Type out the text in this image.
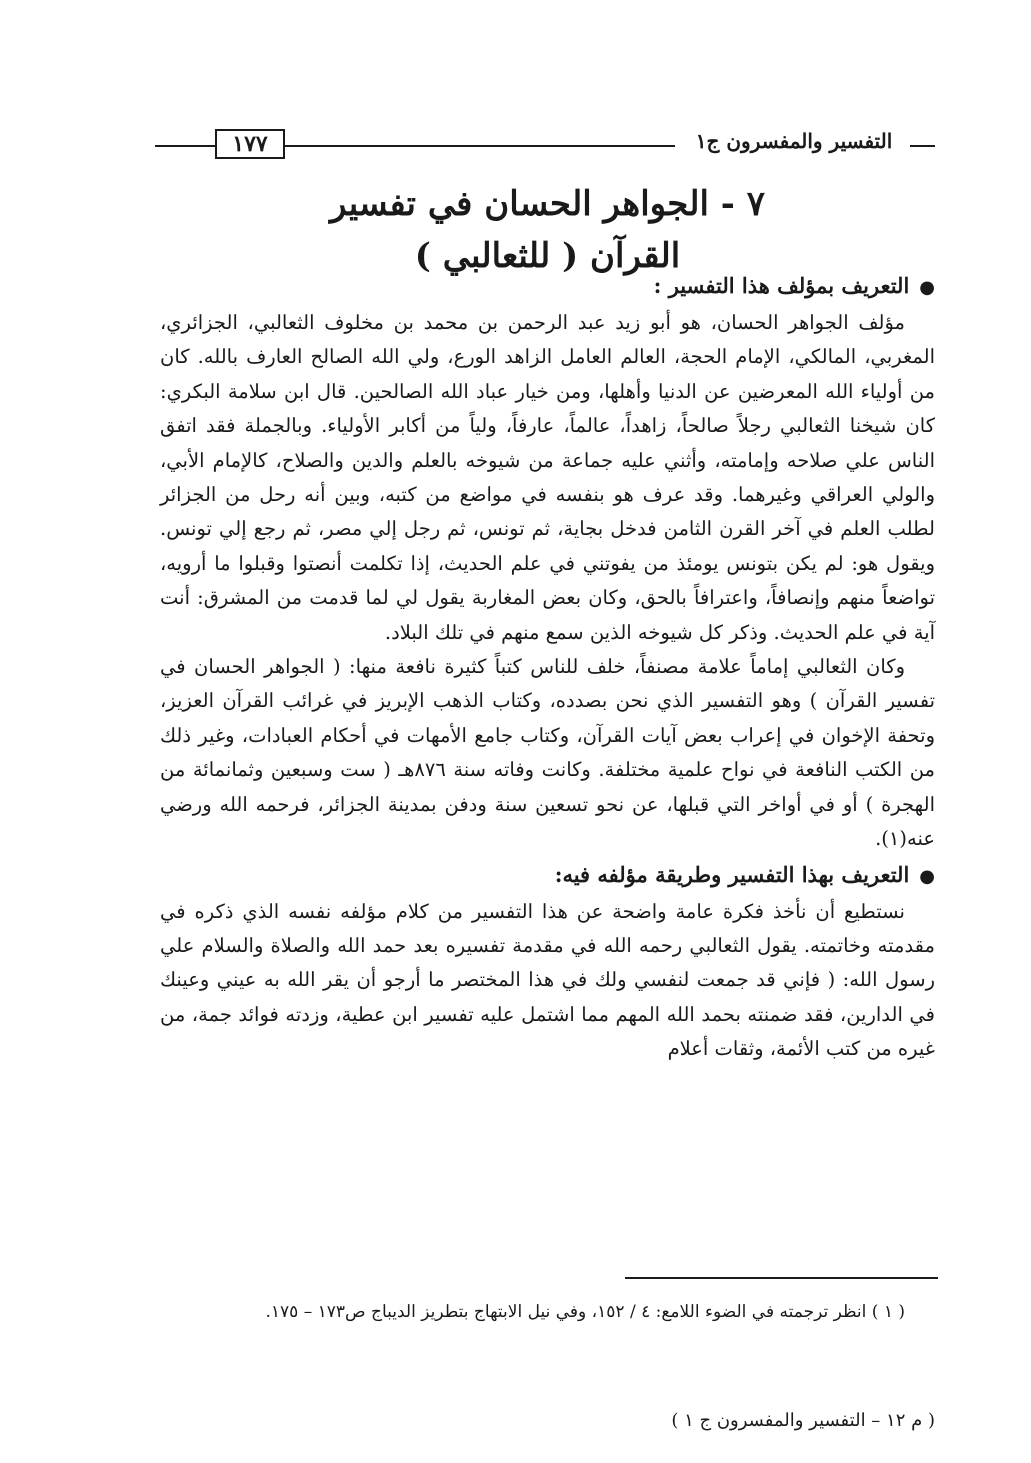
١٧٧	التفسير والمفسرون ج١
٧ - الجواهر الحسان في تفسير
القرآن ( للثعالبي )
●التعريف بمؤلف هذا التفسير :

مؤلف الجواهر الحسان، هو أبو زيد عبد الرحمن بن محمد بن مخلوف الثعالبي، الجزائري، المغربي، المالكي، الإمام الحجة، العالم العامل الزاهد الورع، ولي الله الصالح العارف بالله. كان من أولياء الله المعرضين عن الدنيا وأهلها، ومن خيار عباد الله الصالحين. قال ابن سلامة البكري: كان شيخنا الثعالبي رجلاً صالحاً، زاهداً، عالماً، عارفاً، ولياً من أكابر الأولياء. وبالجملة فقد اتفق الناس علي صلاحه وإمامته، وأثني عليه جماعة من شيوخه بالعلم والدين والصلاح، كالإمام الأبي، والولي العراقي وغيرهما. وقد عرف هو بنفسه في مواضع من كتبه، وبين أنه رحل من الجزائر لطلب العلم في آخر القرن الثامن فدخل بجاية، ثم تونس، ثم رجل إلي مصر، ثم رجع إلي تونس. ويقول هو: لم يكن بتونس يومئذ من يفوتني في علم الحديث، إذا تكلمت أنصتوا وقبلوا ما أرويه، تواضعاً منهم وإنصافاً، واعترافاً بالحق، وكان بعض المغاربة يقول لي لما قدمت من المشرق: أنت آية في علم الحديث. وذكر كل شيوخه الذين سمع منهم في تلك البلاد.

وكان الثعالبي إماماً علامة مصنفاً، خلف للناس كتباً كثيرة نافعة منها: ( الجواهر الحسان في تفسير القرآن ) وهو التفسير الذي نحن بصدده، وكتاب الذهب الإبريز في غرائب القرآن العزيز، وتحفة الإخوان في إعراب بعض آيات القرآن، وكتاب جامع الأمهات في أحكام العبادات، وغير ذلك من الكتب النافعة في نواح علمية مختلفة. وكانت وفاته سنة ٨٧٦هـ ( ست وسبعين وثمانمائة من الهجرة ) أو في أواخر التي قبلها، عن نحو تسعين سنة ودفن بمدينة الجزائر، فرحمه الله ورضي عنه(١).

●التعريف بهذا التفسير وطريقة مؤلفه فيه:

نستطيع أن نأخذ فكرة عامة واضحة عن هذا التفسير من كلام مؤلفه نفسه الذي ذكره في مقدمته وخاتمته. يقول الثعالبي رحمه الله في مقدمة تفسيره بعد حمد الله والصلاة والسلام علي رسول الله: ( فإني قد جمعت لنفسي ولك في هذا المختصر ما أرجو أن يقر الله به عيني وعينك في الدارين، فقد ضمنته بحمد الله المهم مما اشتمل عليه تفسير ابن عطية، وزدته فوائد جمة، من غيره من كتب الأئمة، وثقات أعلام

( ١ ) انظر ترجمته في الضوء اللامع: ٤ / ١٥٢، وفي نيل الابتهاج بتطريز الديباج ص١٧٣ – ١٧٥.

( م ١٢ – التفسير والمفسرون ج ١ )
